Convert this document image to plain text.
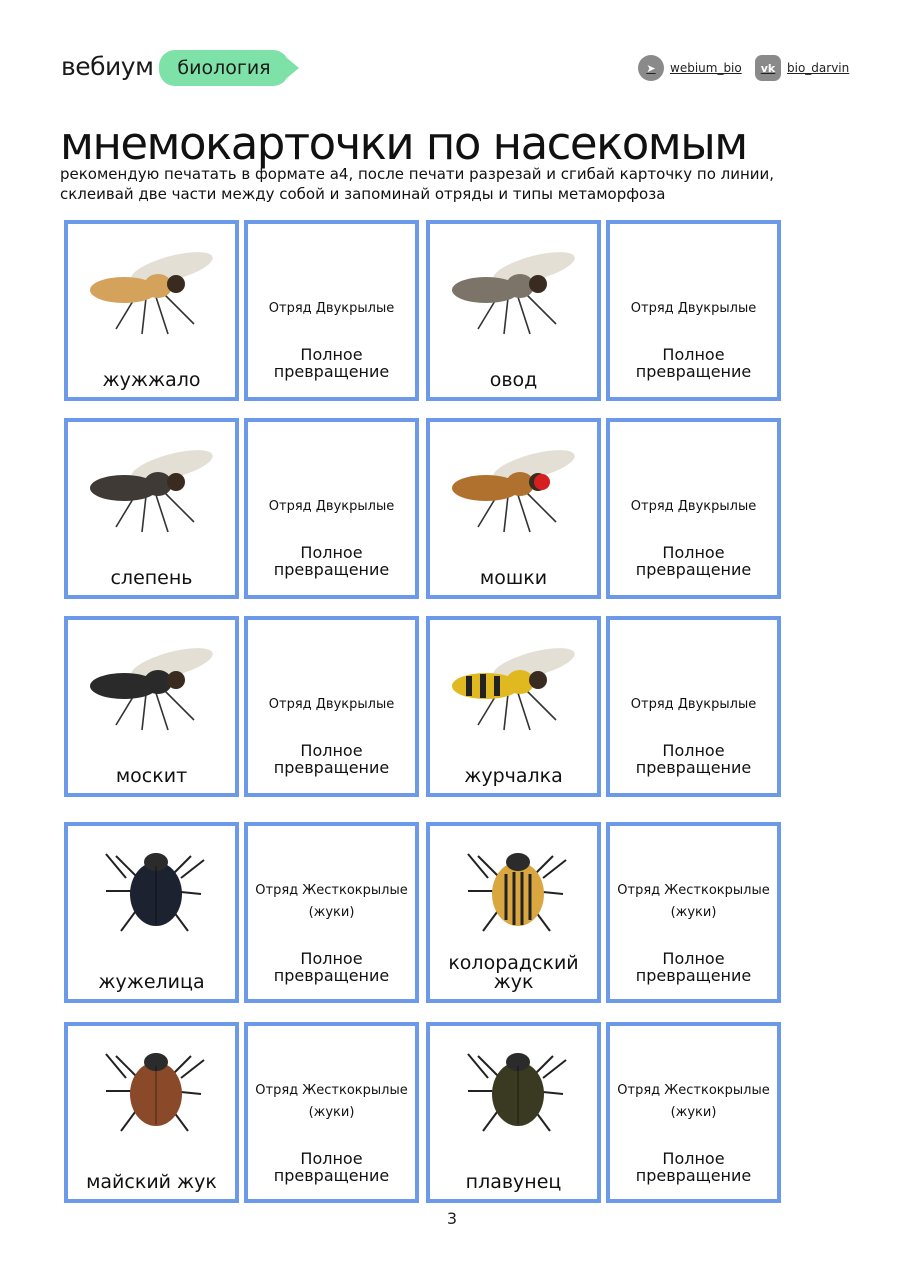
вебиум	биология	➤	webium_bio	vk bio_darvin
мнемокарточки по насекомым
рекомендую печатать в формате а4, после печати разрезай и сгибай карточку по линии, склеивай две части между собой и запоминай отряды и типы метаморфоза
жужжало
Отряд Двукрылые
Полное
превращение	овод
Отряд Двукрылые
Полное
превращение
слепень
Отряд Двукрылые
Полное
превращение	мошки
Отряд Двукрылые
Полное
превращение
москит
Отряд Двукрылые
Полное
превращение	журчалка
Отряд Двукрылые
Полное
превращение
жужелица
Отряд Жесткокрылые
(жуки)
Полное
превращение
колорадский жук
Отряд Жесткокрылые
(жуки)
Полное
превращение
майский жук
Отряд Жесткокрылые
(жуки)
Полное
превращение	плавунец
Отряд Жесткокрылые
(жуки)
Полное
превращение
3
